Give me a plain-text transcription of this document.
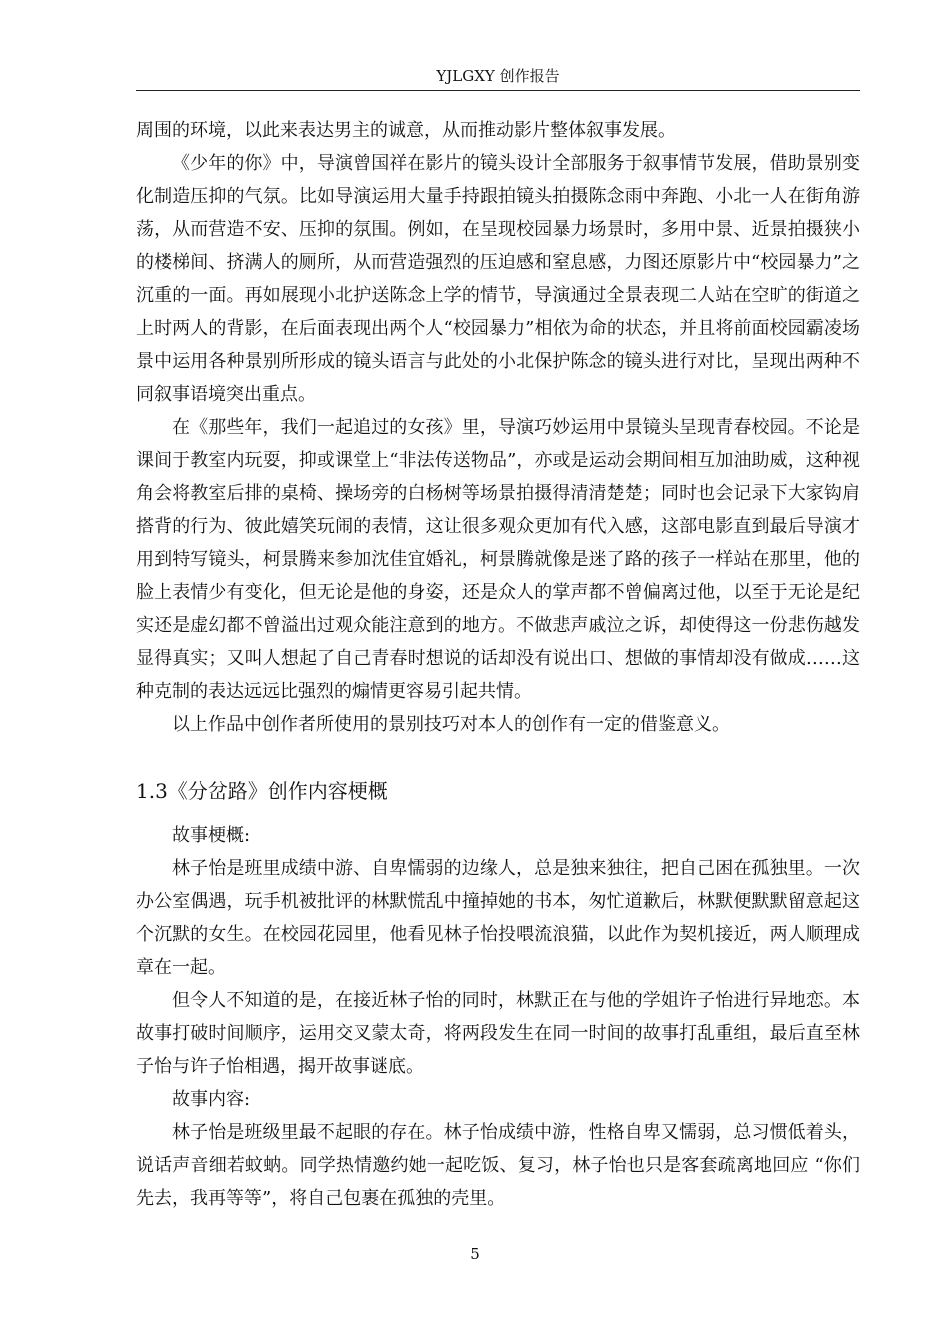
YJLGXY 创作报告

周围的环境，以此来表达男主的诚意，从而推动影片整体叙事发展。

《少年的你》中，导演曾国祥在影片的镜头设计全部服务于叙事情节发展，借助景别变化制造压抑的气氛。比如导演运用大量手持跟拍镜头拍摄陈念雨中奔跑、小北一人在街角游荡，从而营造不安、压抑的氛围。例如，在呈现校园暴力场景时，多用中景、近景拍摄狭小的楼梯间、挤满人的厕所，从而营造强烈的压迫感和窒息感，力图还原影片中“校园暴力”之沉重的一面。再如展现小北护送陈念上学的情节，导演通过全景表现二人站在空旷的街道之上时两人的背影，在后面表现出两个人“校园暴力”相依为命的状态，并且将前面校园霸凌场景中运用各种景别所形成的镜头语言与此处的小北保护陈念的镜头进行对比，呈现出两种不同叙事语境突出重点。

在《那些年，我们一起追过的女孩》里，导演巧妙运用中景镜头呈现青春校园。不论是课间于教室内玩耍，抑或课堂上“非法传送物品”，亦或是运动会期间相互加油助威，这种视角会将教室后排的桌椅、操场旁的白杨树等场景拍摄得清清楚楚；同时也会记录下大家钩肩搭背的行为、彼此嬉笑玩闹的表情，这让很多观众更加有代入感，这部电影直到最后导演才用到特写镜头，柯景腾来参加沈佳宜婚礼，柯景腾就像是迷了路的孩子一样站在那里，他的脸上表情少有变化，但无论是他的身姿，还是众人的掌声都不曾偏离过他，以至于无论是纪实还是虚幻都不曾溢出过观众能注意到的地方。不做悲声戚泣之诉，却使得这一份悲伤越发显得真实；又叫人想起了自己青春时想说的话却没有说出口、想做的事情却没有做成……这种克制的表达远远比强烈的煽情更容易引起共情。

以上作品中创作者所使用的景别技巧对本人的创作有一定的借鉴意义。

1.3《分岔路》创作内容梗概

故事梗概:

林子怡是班里成绩中游、自卑懦弱的边缘人，总是独来独往，把自己困在孤独里。一次办公室偶遇，玩手机被批评的林默慌乱中撞掉她的书本，匆忙道歉后，林默便默默留意起这个沉默的女生。在校园花园里，他看见林子怡投喂流浪猫，以此作为契机接近，两人顺理成章在一起。

但令人不知道的是，在接近林子怡的同时，林默正在与他的学姐许子怡进行异地恋。本故事打破时间顺序，运用交叉蒙太奇，将两段发生在同一时间的故事打乱重组，最后直至林子怡与许子怡相遇，揭开故事谜底。

故事内容:

林子怡是班级里最不起眼的存在。林子怡成绩中游，性格自卑又懦弱，总习惯低着头，说话声音细若蚊蚋。同学热情邀约她一起吃饭、复习，林子怡也只是客套疏离地回应 “你们先去，我再等等”，将自己包裹在孤独的壳里。

5
